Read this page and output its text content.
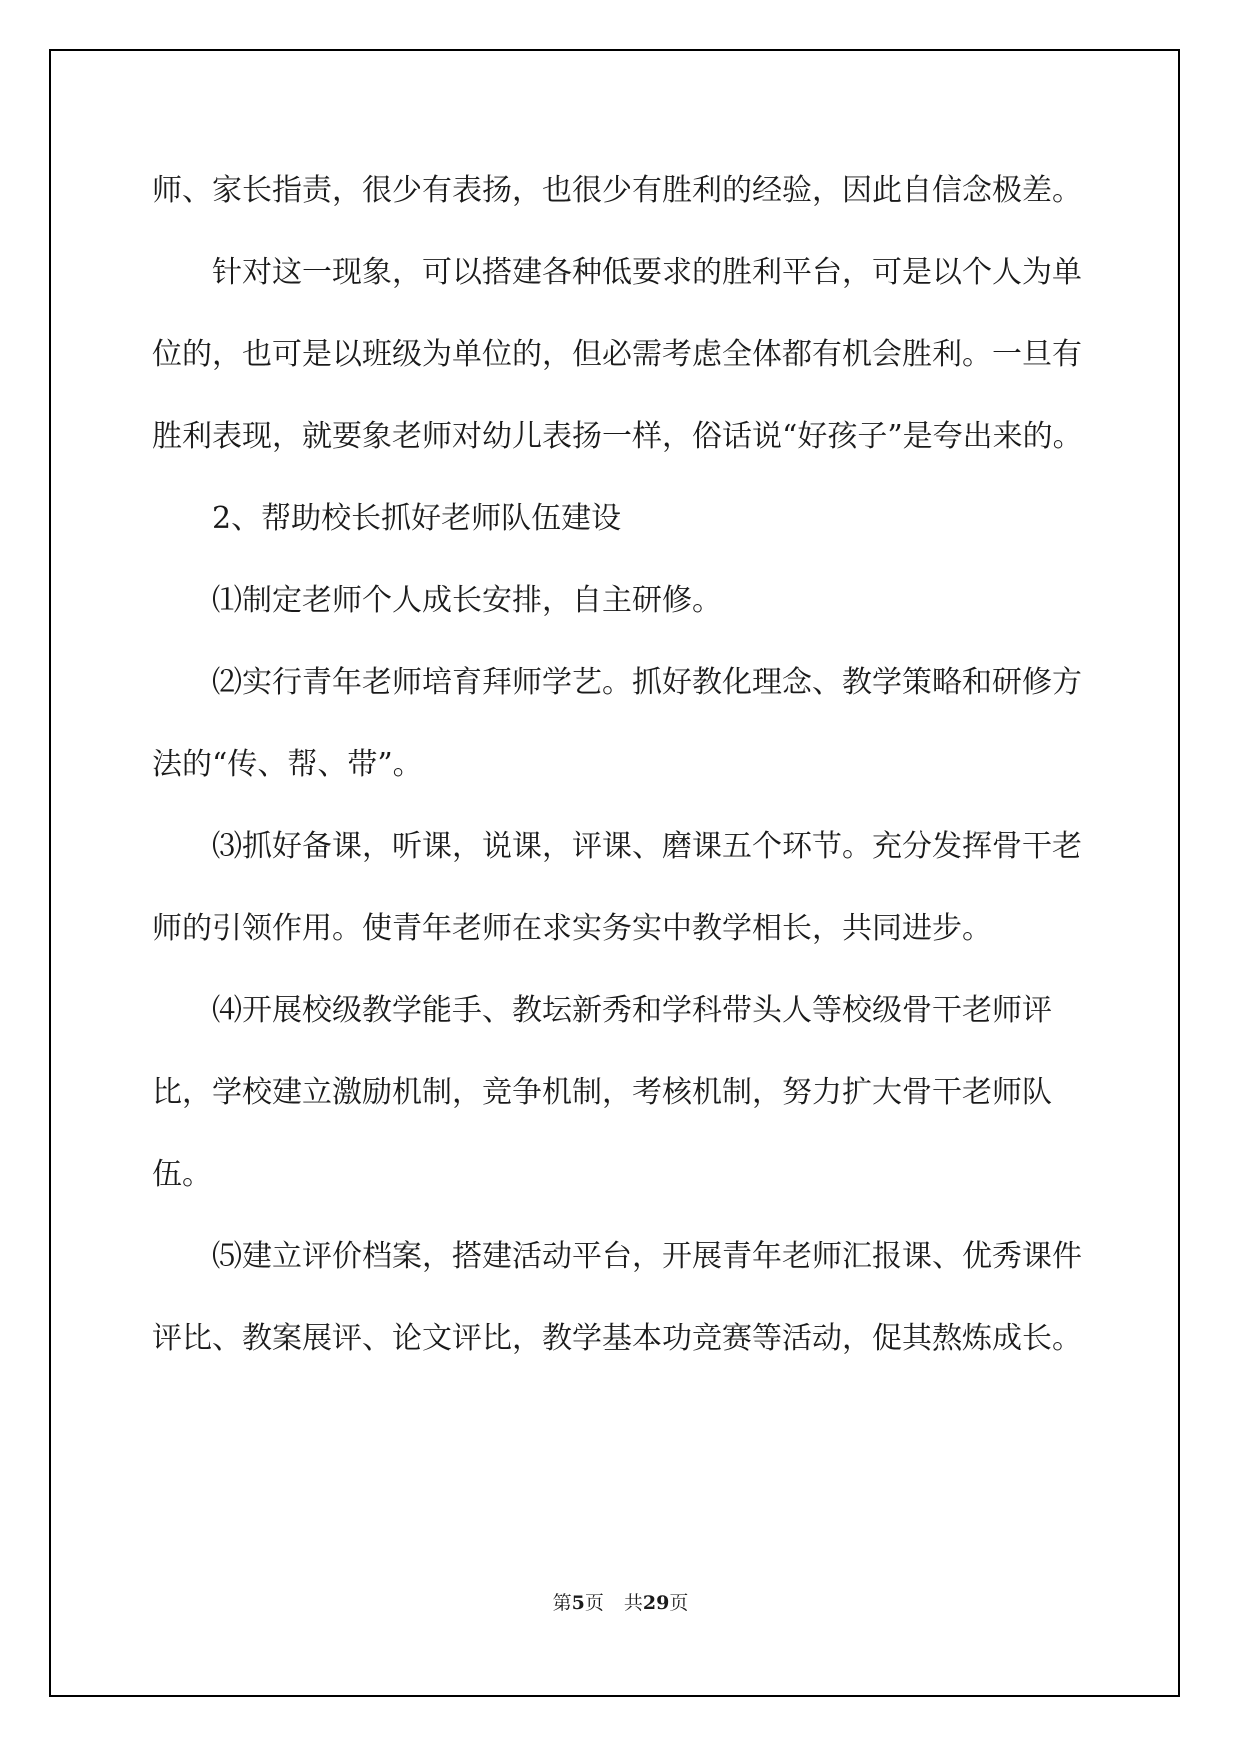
师、家长指责，很少有表扬，也很少有胜利的经验，因此自信念极差。

针对这一现象，可以搭建各种低要求的胜利平台，可是以个人为单位的，也可是以班级为单位的，但必需考虑全体都有机会胜利。一旦有胜利表现，就要象老师对幼儿表扬一样，俗话说“好孩子”是夸出来的。

2、帮助校长抓好老师队伍建设

⑴制定老师个人成长安排，自主研修。

⑵实行青年老师培育拜师学艺。抓好教化理念、教学策略和研修方法的“传、帮、带”。

⑶抓好备课，听课，说课，评课、磨课五个环节。充分发挥骨干老师的引领作用。使青年老师在求实务实中教学相长，共同进步。

⑷开展校级教学能手、教坛新秀和学科带头人等校级骨干老师评比，学校建立激励机制，竞争机制，考核机制，努力扩大骨干老师队伍。

⑸建立评价档案，搭建活动平台，开展青年老师汇报课、优秀课件评比、教案展评、论文评比，教学基本功竞赛等活动，促其熬炼成长。

第5页 共29页
